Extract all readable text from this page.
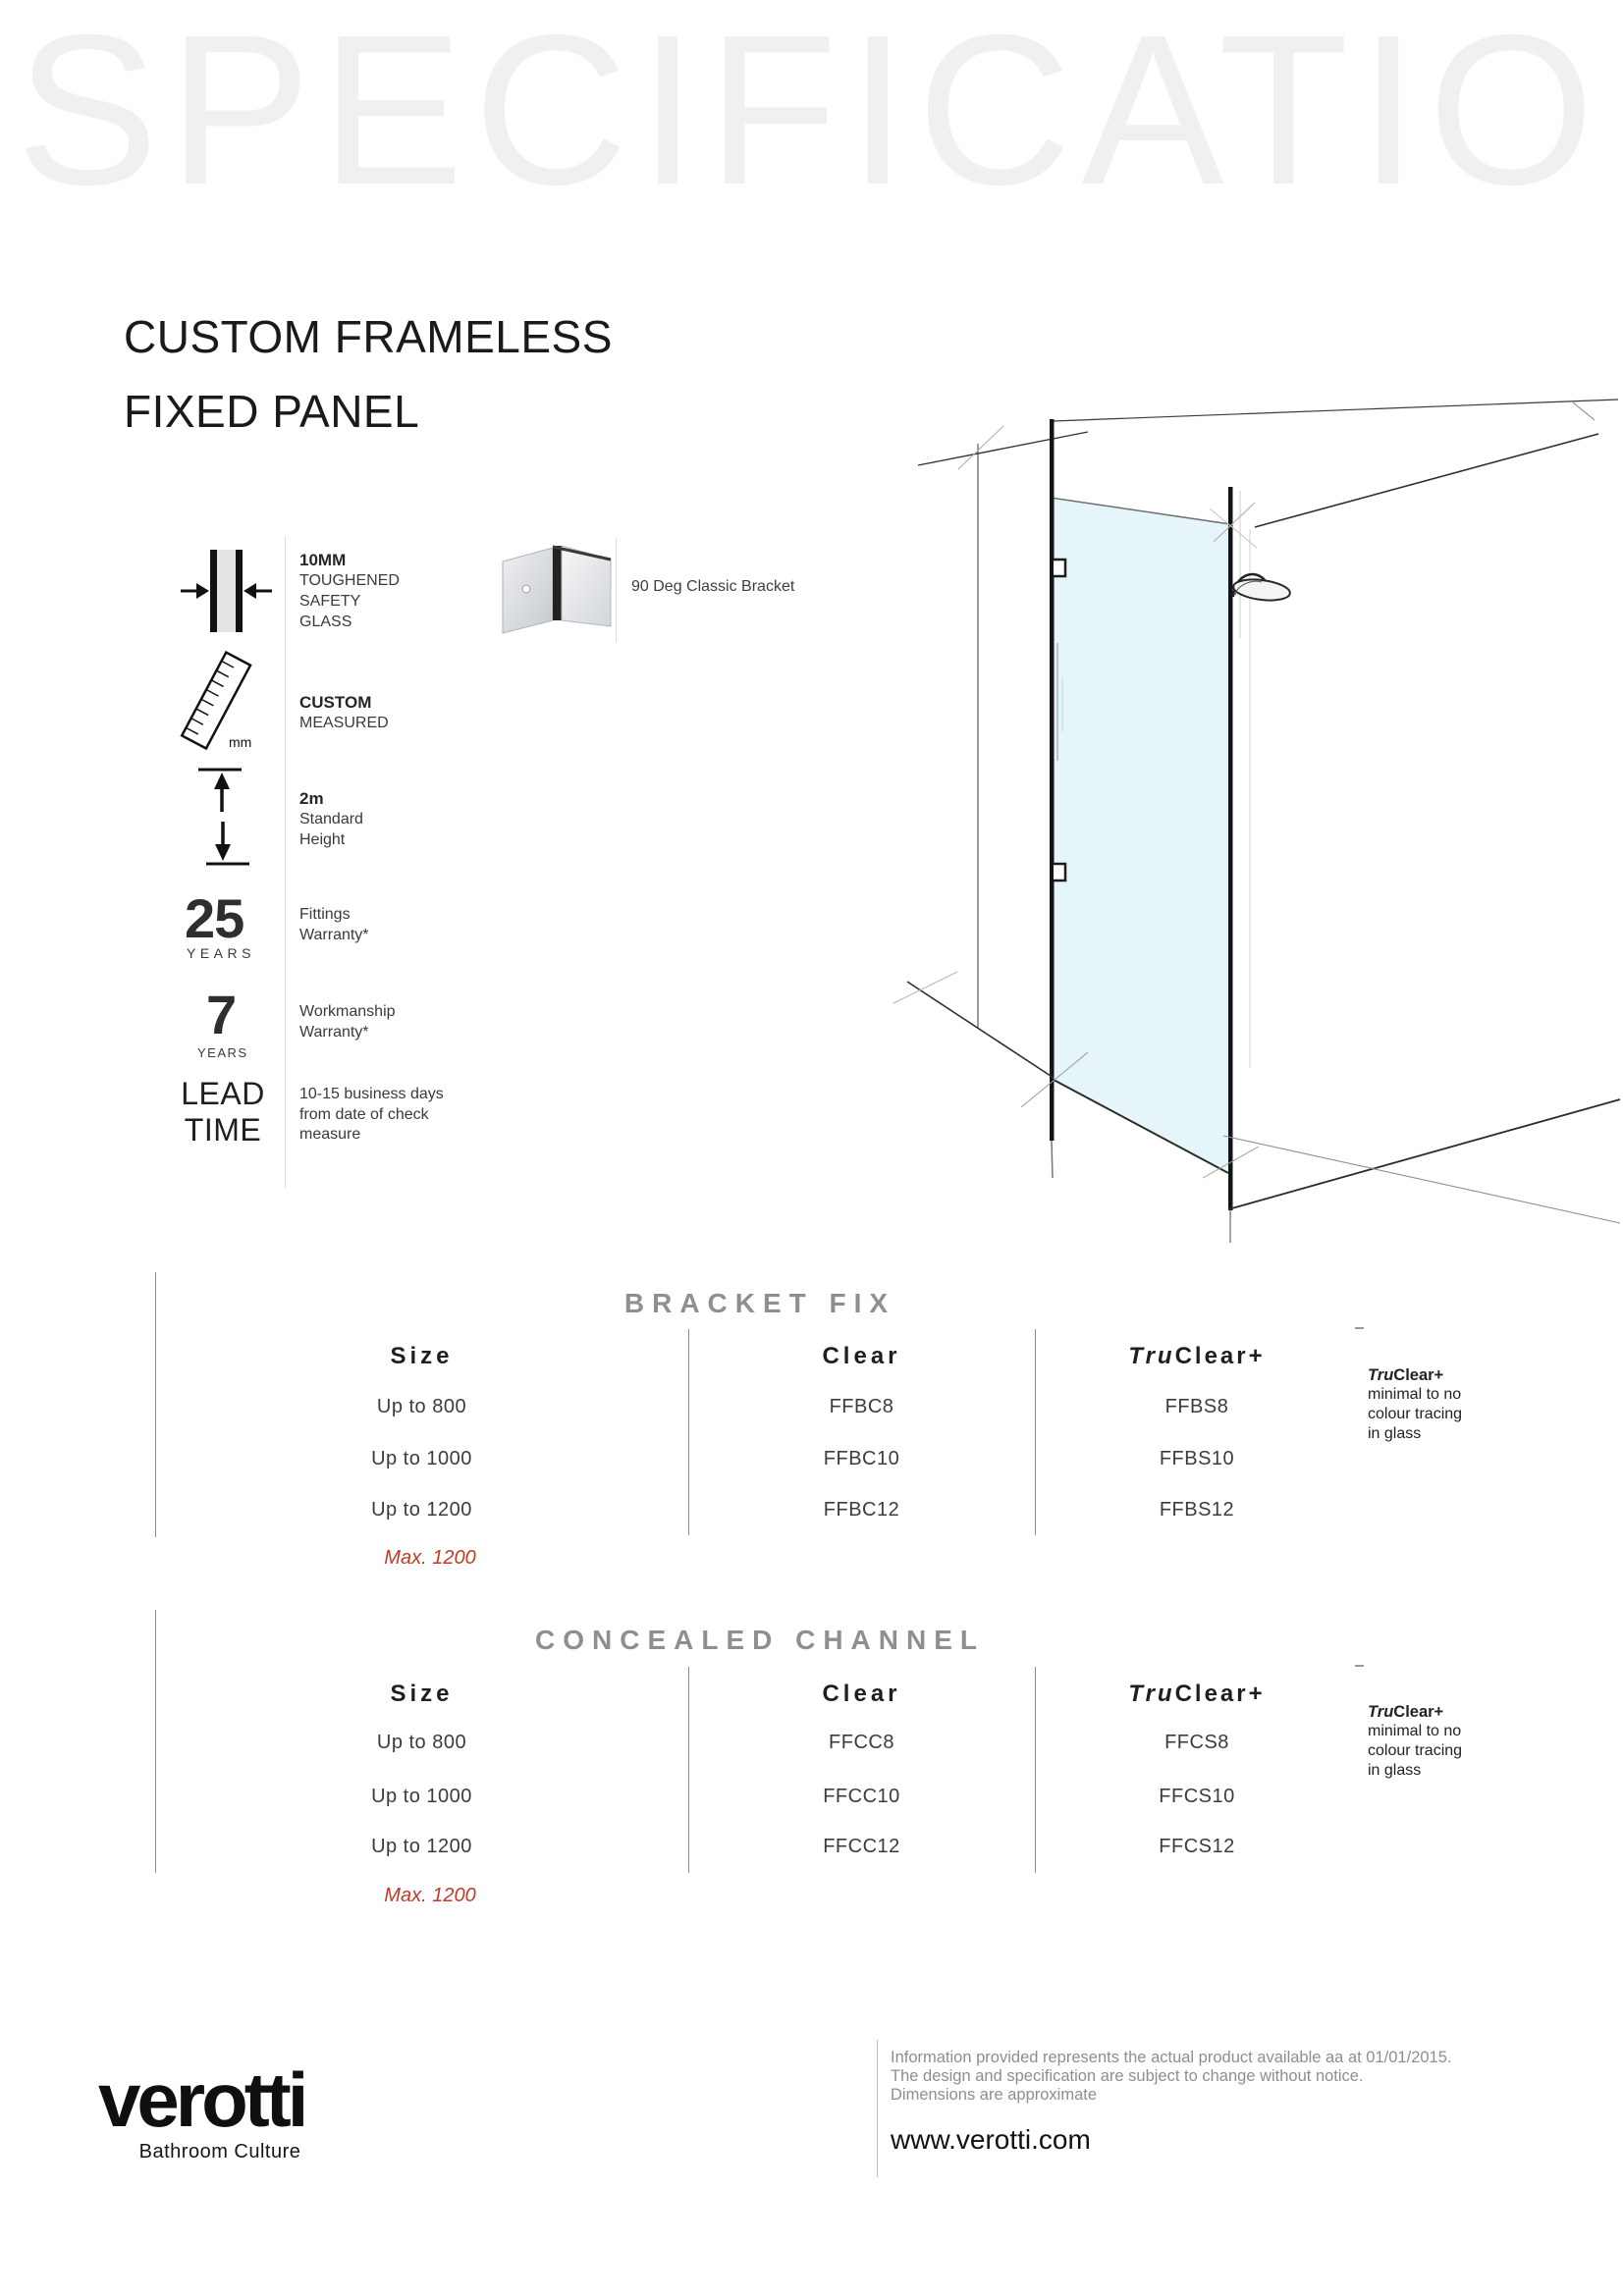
SPECIFICATIO
CUSTOM FRAMELESS
FIXED PANEL
10MM
TOUGHENED
SAFETY
GLASS
mm
CUSTOM
MEASURED
2m
Standard
Height
25
YEARS
Fittings
Warranty*
7
YEARS
Workmanship
Warranty*
LEAD
TIME
10-15 business days
from date of check
measure
90 Deg Classic Bracket
BRACKET FIX
Size	Clear	TruClear+
Up to 800	FFBC8	FFBS8
Up to 1000	FFBC10	FFBS10
Up to 1200	FFBC12	FFBS12
Max. 1200
TruClear+
minimal to no
colour tracing
in glass
CONCEALED CHANNEL
Size	Clear	TruClear+
Up to 800	FFCC8	FFCS8
Up to 1000	FFCC10	FFCS10
Up to 1200	FFCC12	FFCS12
Max. 1200
TruClear+
minimal to no
colour tracing
in glass
verotti
Bathroom Culture
Information provided represents the actual product available aa at 01/01/2015.
The design and specification are subject to change without notice.
Dimensions are approximate
www.verotti.com
